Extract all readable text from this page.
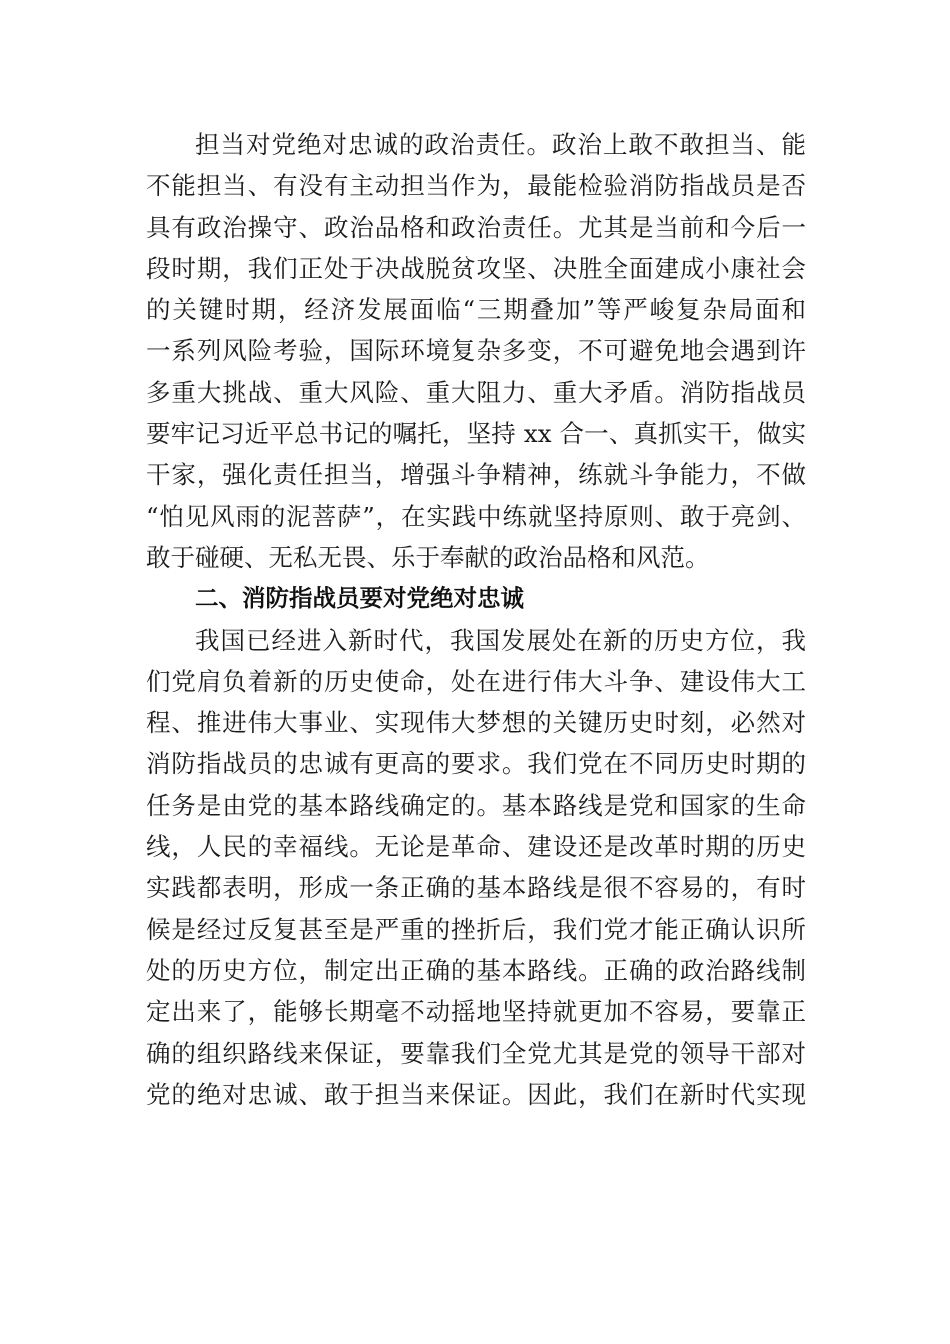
担当对党绝对忠诚的政治责任。政治上敢不敢担当、能
不能担当、有没有主动担当作为，最能检验消防指战员是否
具有政治操守、政治品格和政治责任。尤其是当前和今后一
段时期，我们正处于决战脱贫攻坚、决胜全面建成小康社会
的关键时期，经济发展面临“三期叠加”等严峻复杂局面和
一系列风险考验，国际环境复杂多变，不可避免地会遇到许
多重大挑战、重大风险、重大阻力、重大矛盾。消防指战员
要牢记习近平总书记的嘱托，坚持 xx 合一、真抓实干，做实
干家，强化责任担当，增强斗争精神，练就斗争能力，不做
“怕见风雨的泥菩萨”，在实践中练就坚持原则、敢于亮剑、
敢于碰硬、无私无畏、乐于奉献的政治品格和风范。
二、消防指战员要对党绝对忠诚
我国已经进入新时代，我国发展处在新的历史方位，我
们党肩负着新的历史使命，处在进行伟大斗争、建设伟大工
程、推进伟大事业、实现伟大梦想的关键历史时刻，必然对
消防指战员的忠诚有更高的要求。我们党在不同历史时期的
任务是由党的基本路线确定的。基本路线是党和国家的生命
线，人民的幸福线。无论是革命、建设还是改革时期的历史
实践都表明，形成一条正确的基本路线是很不容易的，有时
候是经过反复甚至是严重的挫折后，我们党才能正确认识所
处的历史方位，制定出正确的基本路线。正确的政治路线制
定出来了，能够长期毫不动摇地坚持就更加不容易，要靠正
确的组织路线来保证，要靠我们全党尤其是党的领导干部对
党的绝对忠诚、敢于担当来保证。因此，我们在新时代实现
